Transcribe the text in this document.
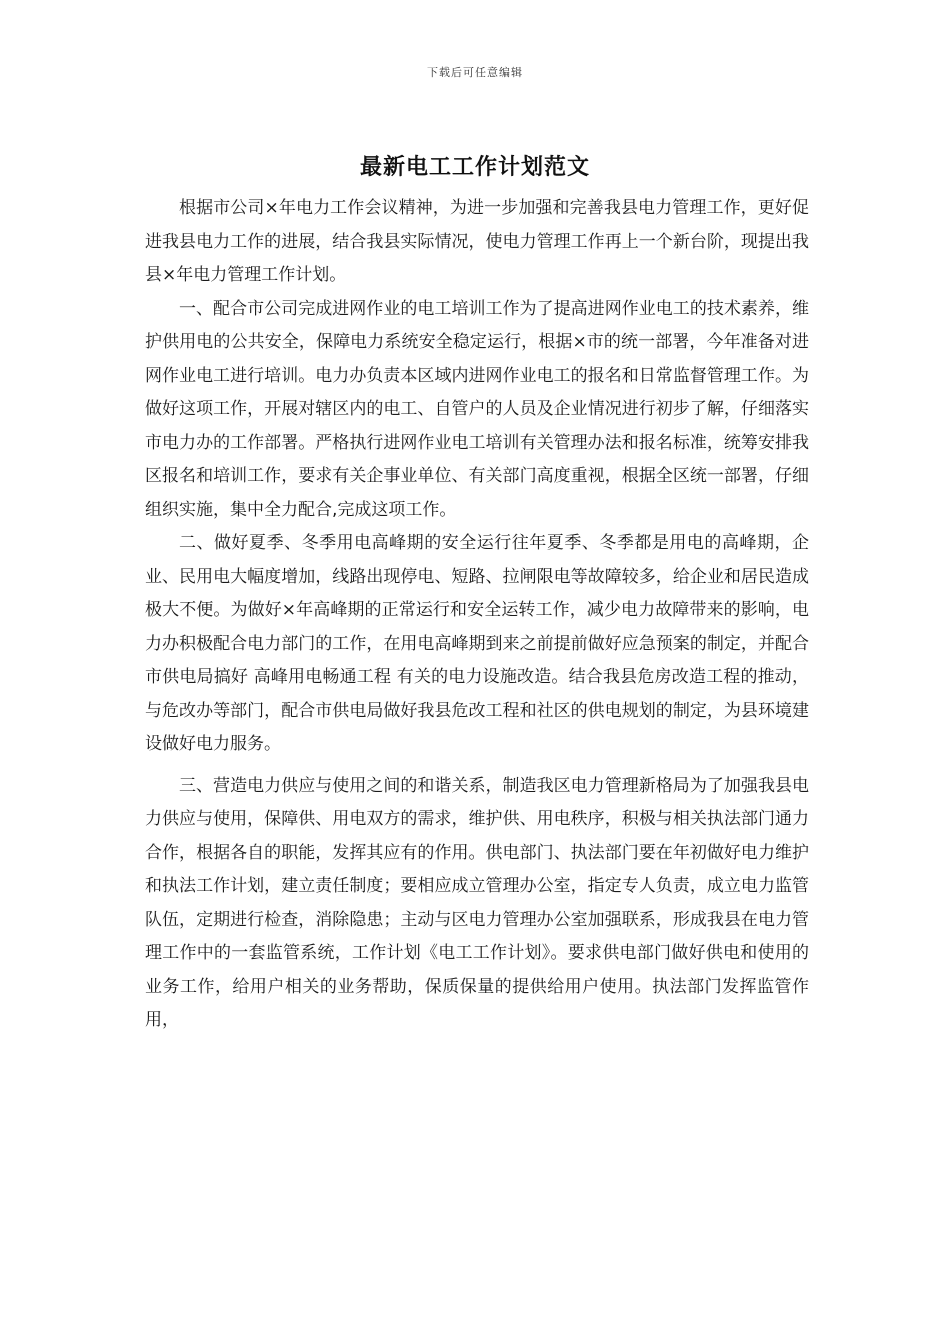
下载后可任意编辑
最新电工工作计划范文

根据市公司×年电力工作会议精神，为进一步加强和完善我县电力管理工作，更好促进我县电力工作的进展，结合我县实际情况，使电力管理工作再上一个新台阶，现提出我县×年电力管理工作计划。

一、配合市公司完成进网作业的电工培训工作为了提高进网作业电工的技术素养，维护供用电的公共安全，保障电力系统安全稳定运行，根据×市的统一部署，今年准备对进网作业电工进行培训。电力办负责本区域内进网作业电工的报名和日常监督管理工作。为做好这项工作，开展对辖区内的电工、自管户的人员及企业情况进行初步了解，仔细落实市电力办的工作部署。严格执行进网作业电工培训有关管理办法和报名标准，统筹安排我区报名和培训工作，要求有关企事业单位、有关部门高度重视，根据全区统一部署，仔细组织实施，集中全力配合,完成这项工作。

二、做好夏季、冬季用电高峰期的安全运行往年夏季、冬季都是用电的高峰期，企业、民用电大幅度增加，线路出现停电、短路、拉闸限电等故障较多，给企业和居民造成极大不便。为做好×年高峰期的正常运行和安全运转工作，减少电力故障带来的影响，电力办积极配合电力部门的工作，在用电高峰期到来之前提前做好应急预案的制定，并配合市供电局搞好 高峰用电畅通工程 有关的电力设施改造。结合我县危房改造工程的推动，与危改办等部门，配合市供电局做好我县危改工程和社区的供电规划的制定，为县环境建设做好电力服务。

三、营造电力供应与使用之间的和谐关系，制造我区电力管理新格局为了加强我县电力供应与使用，保障供、用电双方的需求，维护供、用电秩序，积极与相关执法部门通力合作，根据各自的职能，发挥其应有的作用。供电部门、执法部门要在年初做好电力维护和执法工作计划，建立责任制度；要相应成立管理办公室，指定专人负责，成立电力监管队伍，定期进行检查，消除隐患；主动与区电力管理办公室加强联系，形成我县在电力管理工作中的一套监管系统，工作计划《电工工作计划》。要求供电部门做好供电和使用的业务工作，给用户相关的业务帮助，保质保量的提供给用户使用。执法部门发挥监管作用，
